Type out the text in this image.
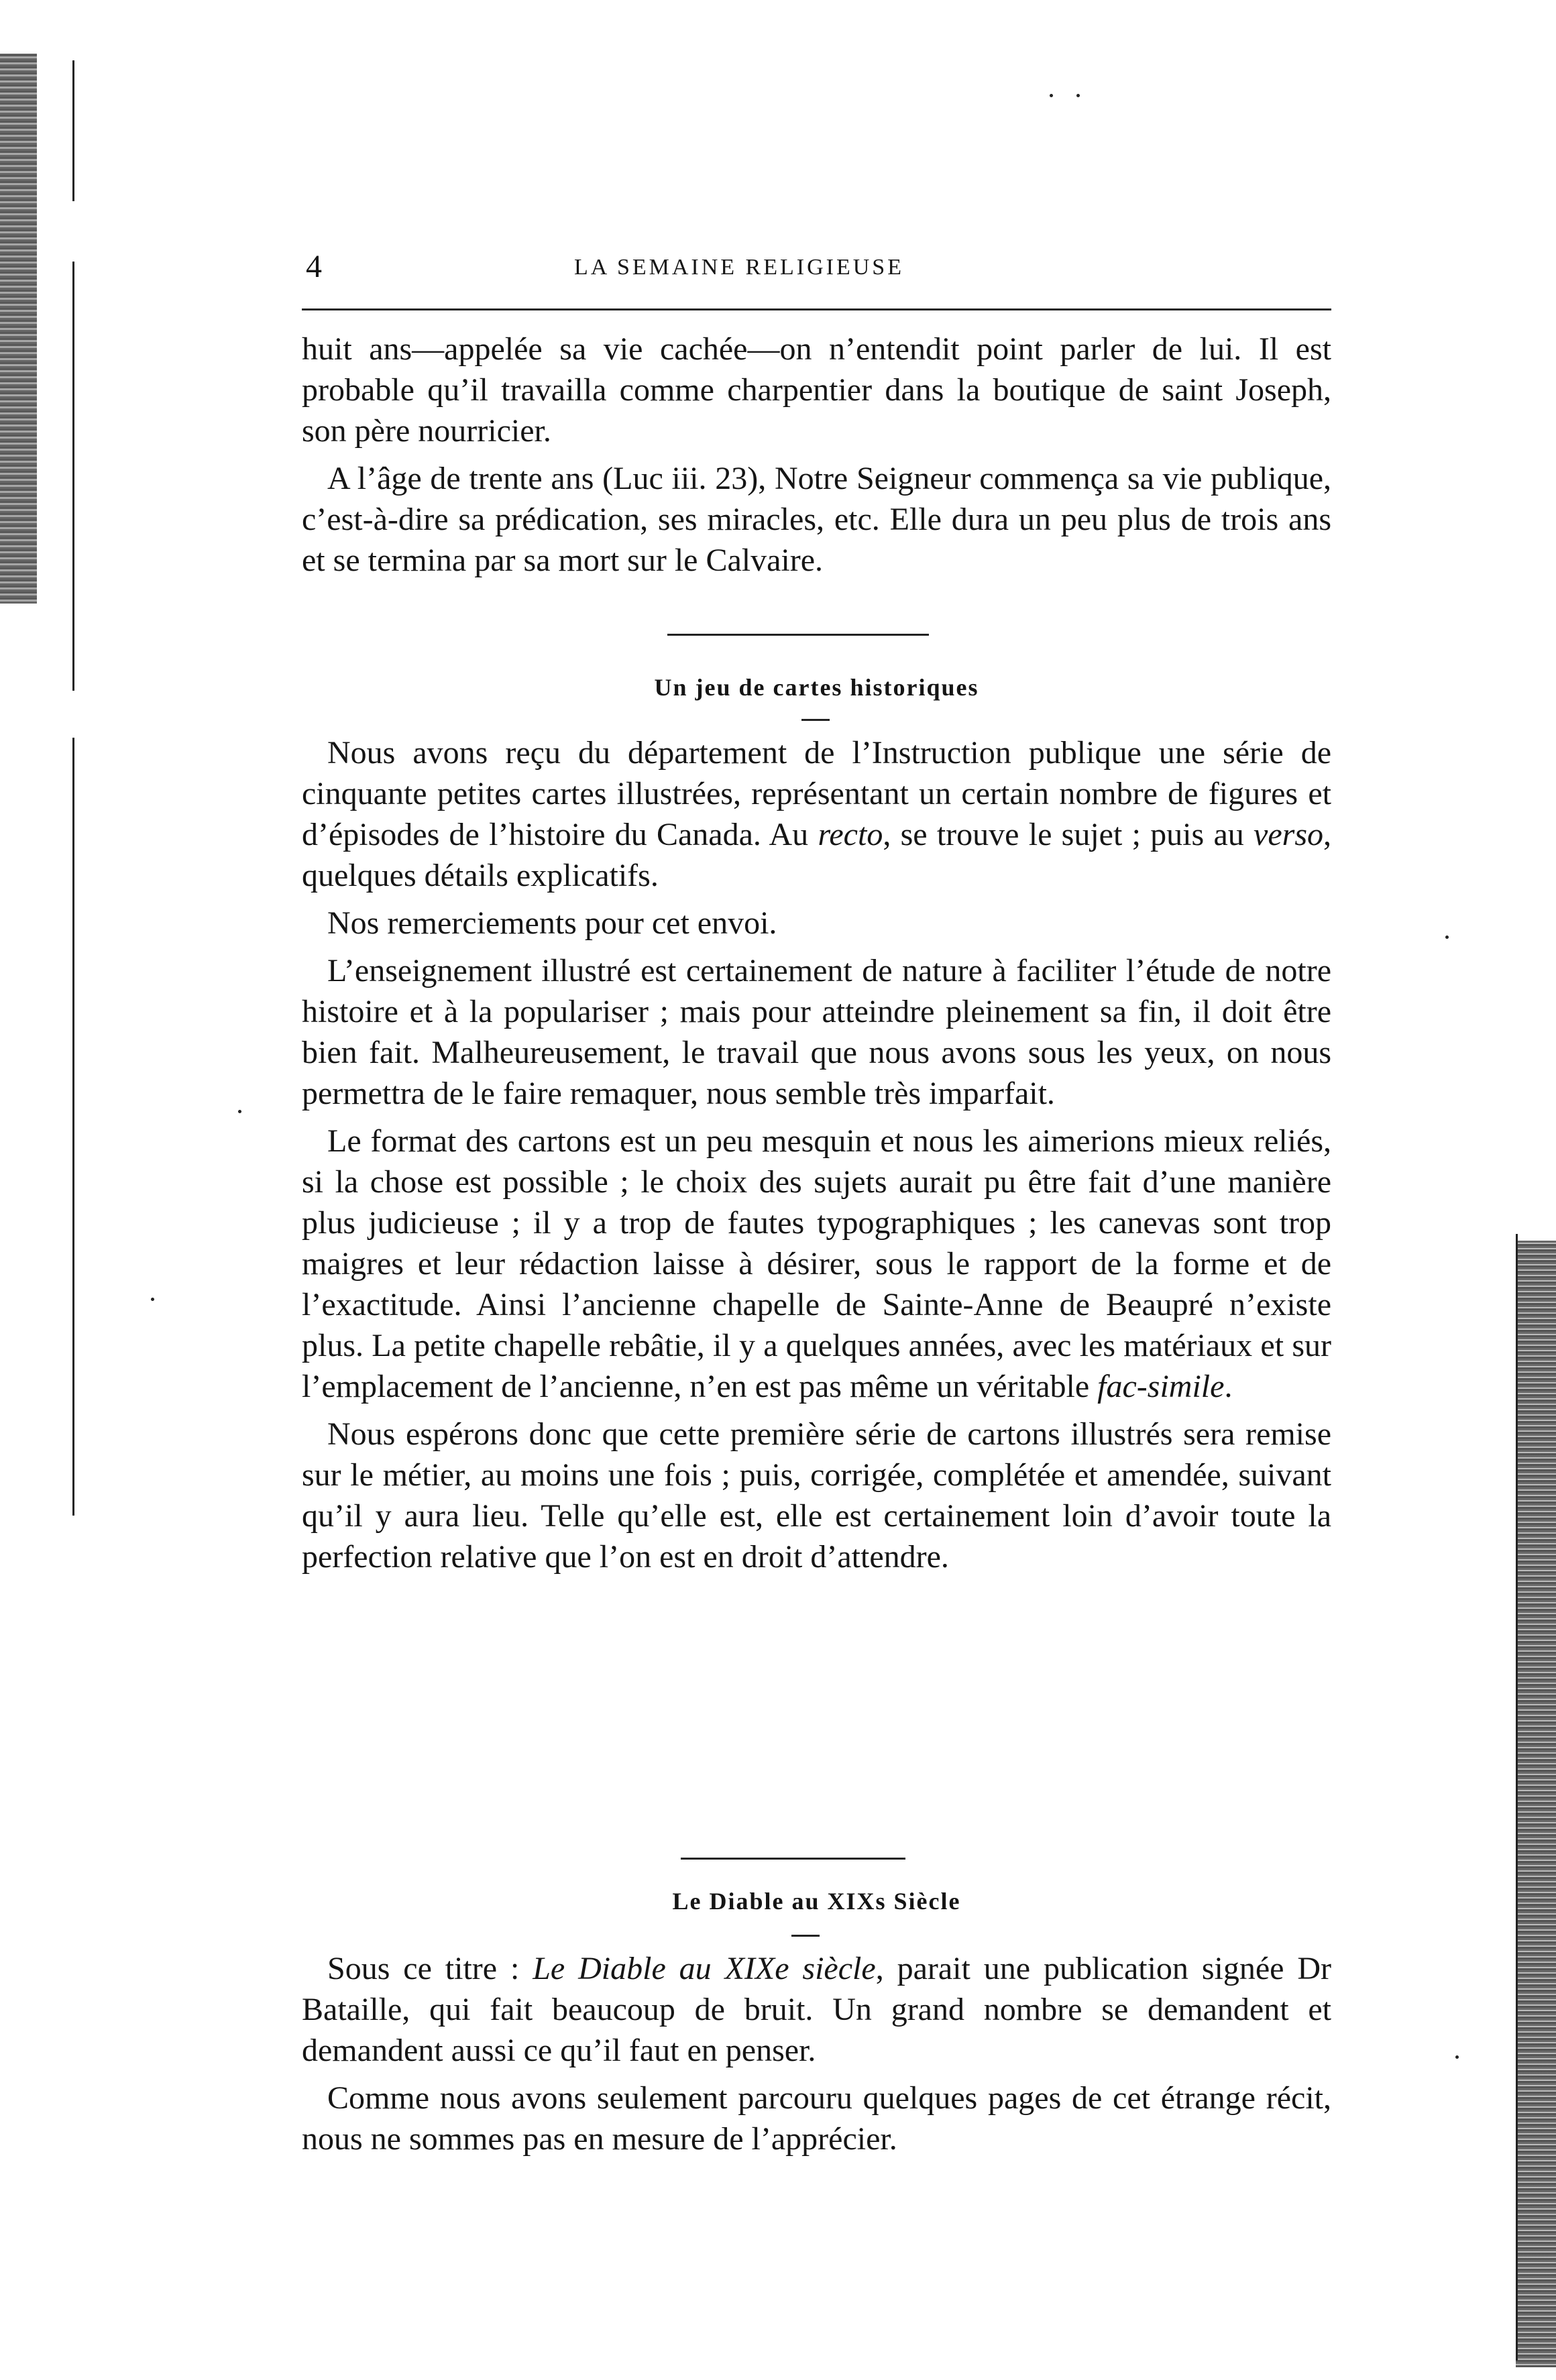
4	LA SEMAINE RELIGIEUSE

huit ans—appelée sa vie cachée—on n’entendit point parler de lui. Il est probable qu’il travailla comme charpentier dans la boutique de saint Joseph, son père nourricier.

A l’âge de trente ans (Luc iii. 23), Notre Seigneur commença sa vie publique, c’est-à-dire sa prédication, ses miracles, etc. Elle dura un peu plus de trois ans et se termina par sa mort sur le Calvaire.

Un jeu de cartes historiques

Nous avons reçu du département de l’Instruction publique une série de cinquante petites cartes illustrées, représentant un certain nombre de figures et d’épisodes de l’histoire du Canada. Au recto, se trouve le sujet ; puis au verso, quelques détails explicatifs.

Nos remerciements pour cet envoi.

L’enseignement illustré est certainement de nature à faciliter l’étude de notre histoire et à la populariser ; mais pour atteindre pleinement sa fin, il doit être bien fait. Malheureusement, le travail que nous avons sous les yeux, on nous permettra de le faire remaquer, nous semble très imparfait.

Le format des cartons est un peu mesquin et nous les aimerions mieux reliés, si la chose est possible ; le choix des sujets aurait pu être fait d’une manière plus judicieuse ; il y a trop de fautes typographiques ; les canevas sont trop maigres et leur rédaction laisse à désirer, sous le rapport de la forme et de l’exactitude. Ainsi l’ancienne chapelle de Sainte-Anne de Beaupré n’existe plus. La petite chapelle rebâtie, il y a quelques années, avec les matériaux et sur l’emplacement de l’ancienne, n’en est pas même un véritable fac-simile.

Nous espérons donc que cette première série de cartons illustrés sera remise sur le métier, au moins une fois ; puis, corrigée, complétée et amendée, suivant qu’il y aura lieu. Telle qu’elle est, elle est certainement loin d’avoir toute la perfection relative que l’on est en droit d’attendre.

Le Diable au XIXs Siècle

Sous ce titre : Le Diable au XIXe siècle, parait une publication signée Dr Bataille, qui fait beaucoup de bruit. Un grand nombre se demandent et demandent aussi ce qu’il faut en penser.

Comme nous avons seulement parcouru quelques pages de cet étrange récit, nous ne sommes pas en mesure de l’apprécier.
